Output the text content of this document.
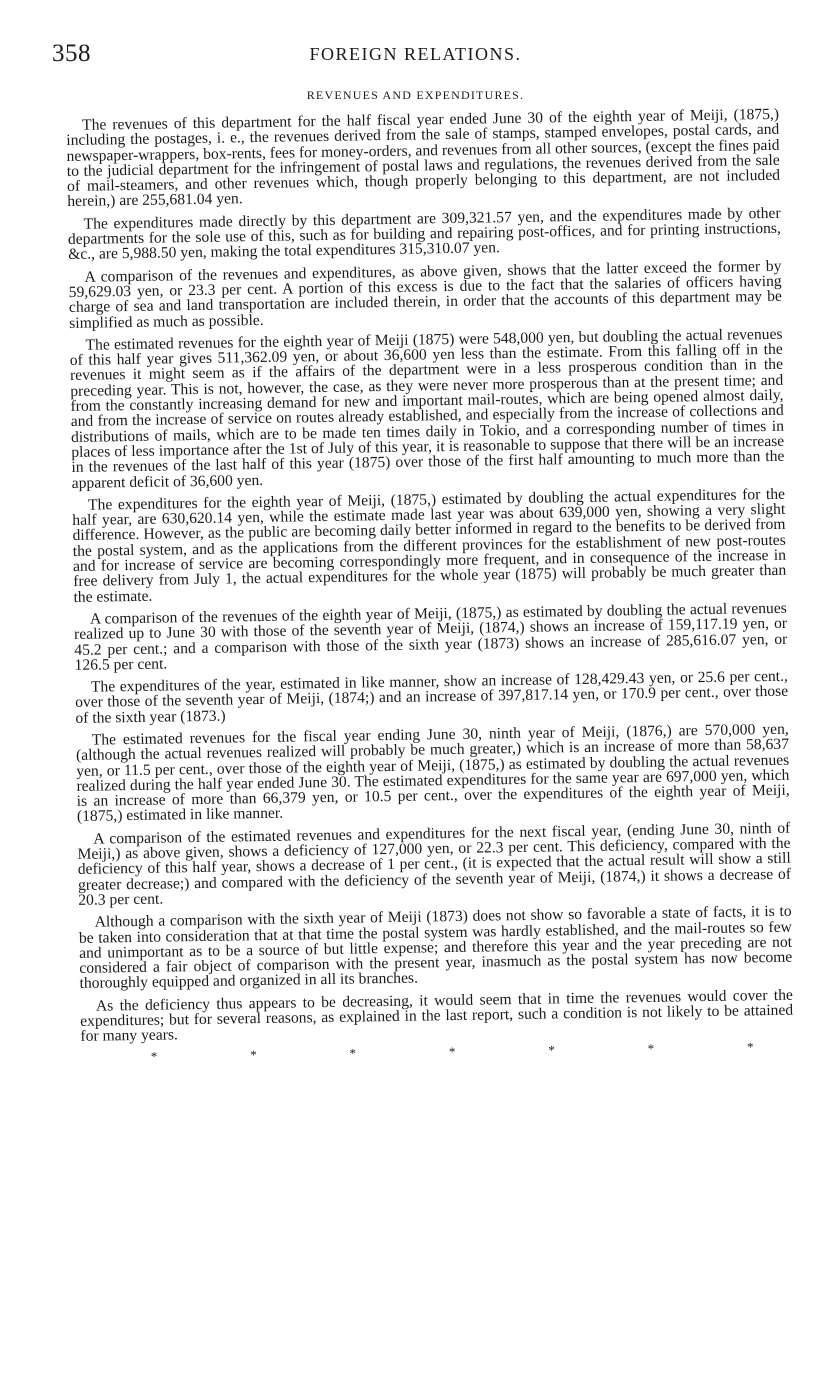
358	FOREIGN RELATIONS.
REVENUES AND EXPENDITURES.

The revenues of this department for the half fiscal year ended June 30 of the eighth year of Meiji, (1875,) including the postages, i. e., the revenues derived from the sale of stamps, stamped envelopes, postal cards, and newspaper-wrappers, box-rents, fees for money-orders, and revenues from all other sources, (except the fines paid to the judicial department for the infringement of postal laws and regulations, the revenues derived from the sale of mail-steamers, and other revenues which, though properly belonging to this department, are not included herein,) are 255,681.04 yen.

The expenditures made directly by this department are 309,321.57 yen, and the expenditures made by other departments for the sole use of this, such as for building and repairing post-offices, and for printing instructions, &c., are 5,988.50 yen, making the total expenditures 315,310.07 yen.

A comparison of the revenues and expenditures, as above given, shows that the latter exceed the former by 59,629.03 yen, or 23.3 per cent. A portion of this excess is due to the fact that the salaries of officers having charge of sea and land transportation are included therein, in order that the accounts of this department may be simplified as much as possible.

The estimated revenues for the eighth year of Meiji (1875) were 548,000 yen, but doubling the actual revenues of this half year gives 511,362.09 yen, or about 36,600 yen less than the estimate. From this falling off in the revenues it might seem as if the affairs of the department were in a less prosperous condition than in the preceding year. This is not, however, the case, as they were never more prosperous than at the present time; and from the constantly increasing demand for new and important mail-routes, which are being opened almost daily, and from the increase of service on routes already established, and especially from the increase of collections and distributions of mails, which are to be made ten times daily in Tokio, and a corresponding number of times in places of less importance after the 1st of July of this year, it is reasonable to suppose that there will be an increase in the revenues of the last half of this year (1875) over those of the first half amounting to much more than the apparent deficit of 36,600 yen.

The expenditures for the eighth year of Meiji, (1875,) estimated by doubling the actual expenditures for the half year, are 630,620.14 yen, while the estimate made last year was about 639,000 yen, showing a very slight difference. However, as the public are becoming daily better informed in regard to the benefits to be derived from the postal system, and as the applications from the different provinces for the establishment of new post-routes and for increase of service are becoming correspondingly more frequent, and in consequence of the increase in free delivery from July 1, the actual expenditures for the whole year (1875) will probably be much greater than the estimate.

A comparison of the revenues of the eighth year of Meiji, (1875,) as estimated by doubling the actual revenues realized up to June 30 with those of the seventh year of Meiji, (1874,) shows an increase of 159,117.19 yen, or 45.2 per cent.; and a comparison with those of the sixth year (1873) shows an increase of 285,616.07 yen, or 126.5 per cent.

The expenditures of the year, estimated in like manner, show an increase of 128,429.43 yen, or 25.6 per cent., over those of the seventh year of Meiji, (1874;) and an increase of 397,817.14 yen, or 170.9 per cent., over those of the sixth year (1873.)

The estimated revenues for the fiscal year ending June 30, ninth year of Meiji, (1876,) are 570,000 yen, (although the actual revenues realized will probably be much greater,) which is an increase of more than 58,637 yen, or 11.5 per cent., over those of the eighth year of Meiji, (1875,) as estimated by doubling the actual revenues realized during the half year ended June 30. The estimated expenditures for the same year are 697,000 yen, which is an increase of more than 66,379 yen, or 10.5 per cent., over the expenditures of the eighth year of Meiji, (1875,) estimated in like manner.

A comparison of the estimated revenues and expenditures for the next fiscal year, (ending June 30, ninth of Meiji,) as above given, shows a deficiency of 127,000 yen, or 22.3 per cent. This deficiency, compared with the deficiency of this half year, shows a decrease of 1 per cent., (it is expected that the actual result will show a still greater decrease;) and compared with the deficiency of the seventh year of Meiji, (1874,) it shows a decrease of 20.3 per cent.

Although a comparison with the sixth year of Meiji (1873) does not show so favorable a state of facts, it is to be taken into consideration that at that time the postal system was hardly established, and the mail-routes so few and unimportant as to be a source of but little expense; and therefore this year and the year preceding are not considered a fair object of comparison with the present year, inasmuch as the postal system has now become thoroughly equipped and organized in all its branches.

As the deficiency thus appears to be decreasing, it would seem that in time the revenues would cover the expenditures; but for several reasons, as explained in the last report, such a condition is not likely to be attained for many years.

*	*	*	*	*	*	*
